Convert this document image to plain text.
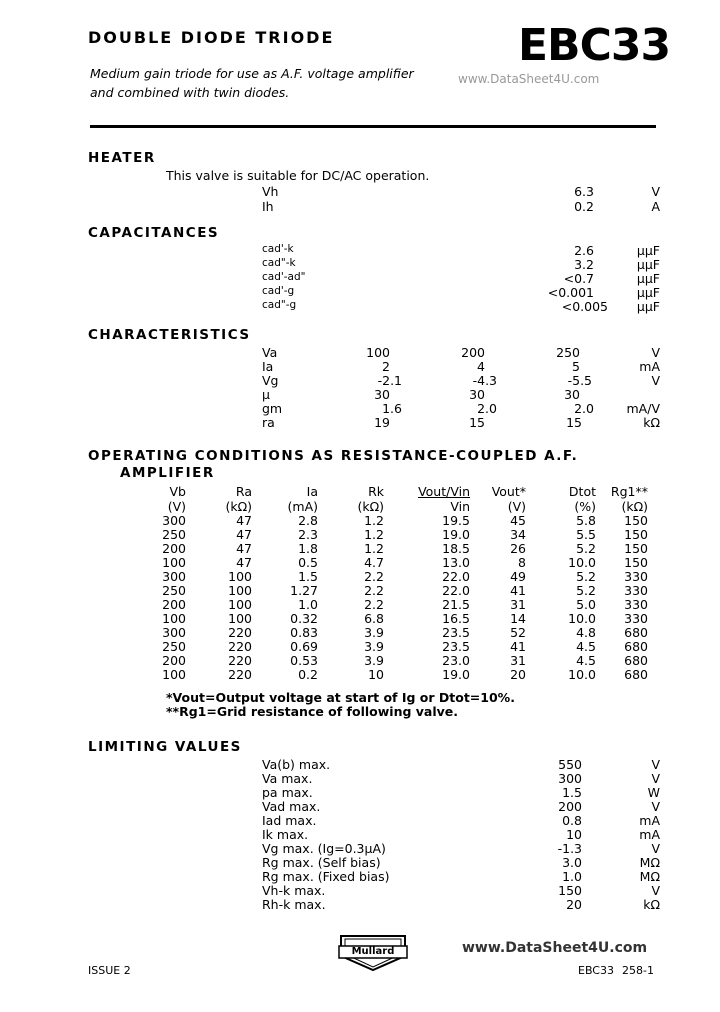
DOUBLE DIODE TRIODE	EBC33
www.DataSheet4U.com
Medium gain triode for use as A.F. voltage amplifier
and combined with twin diodes.
HEATER
This valve is suitable for DC/AC operation.
Vh	6.3	V
Ih	0.2	A
CAPACITANCES
cad'-k	2.6	μμF
cad"-k	3.2	μμF
cad'-ad"	<0.7	μμF
cad'-g	<0.001	μμF
cad"-g	<0.005	μμF
CHARACTERISTICS
Va	100	200	250	V
Ia	2	4	5	mA
Vg	-2.1	-4.3	-5.5	V
μ	30	30	30
gm	1.6	2.0	2.0	mA/V
ra	19	15	15	kΩ
OPERATING CONDITIONS AS RESISTANCE-COUPLED A.F.
AMPLIFIER
Vb	Ra	Ia	Rk	Vout/Vin	Vout*	Dtot	Rg1**
(V)	(kΩ)	(mA)	(kΩ)	Vin	(V)	(%)	(kΩ)
300	47	2.8	1.2	19.5	45	5.8	150
250	47	2.3	1.2	19.0	34	5.5	150
200	47	1.8	1.2	18.5	26	5.2	150
100	47	0.5	4.7	13.0	8	10.0	150
300	100	1.5	2.2	22.0	49	5.2	330
250	100	1.27	2.2	22.0	41	5.2	330
200	100	1.0	2.2	21.5	31	5.0	330
100	100	0.32	6.8	16.5	14	10.0	330
300	220	0.83	3.9	23.5	52	4.8	680
250	220	0.69	3.9	23.5	41	4.5	680
200	220	0.53	3.9	23.0	31	4.5	680
100	220	0.2	10	19.0	20	10.0	680
*Vout=Output voltage at start of Ig or Dtot=10%.
**Rg1=Grid resistance of following valve.
LIMITING VALUES
Va(b) max.	550	V
Va max.	300	V
pa max.	1.5	W
Vad max.	200	V
Iad max.	0.8	mA
Ik max.	10	mA
Vg max. (Ig=0.3μA)	-1.3	V
Rg max. (Self bias)	3.0	MΩ
Rg max. (Fixed bias)	1.0	MΩ
Vh-k max.	150	V
Rh-k max.	20	kΩ
ISSUE 2
Mullard	www.DataSheet4U.com
EBC33 258-1
